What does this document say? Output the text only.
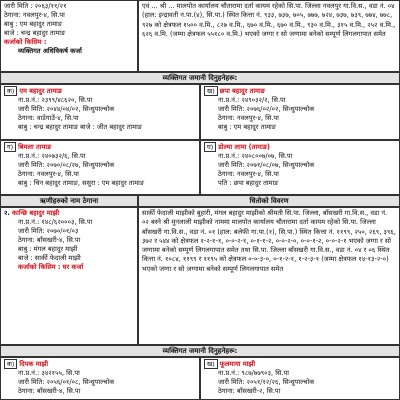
जारी मिति : २०६३/११/२१
ठेगाना: नवलपुर-४, सि.पा
बाबु : एम बहादुर तामाङ
बाजे : चन्द्र बहादुर तामाङ
कर्जाको किसिम :
व्यक्तिगत अधिविकर्ष कर्जा
एवं ... श्री ... मालपोत कार्यालय चौतारामा दर्ता कायम रहेको सि.पा. जिल्ला नवलपुर गा.वि.स., वडा नं. ०४ (हाल: इन्द्रावती न.पा.(४), सि.पा.) स्थित कित्ता नं. ९३३, ७३७, ७०५, ७७७, ७२४, ७३७, ७३९, ७७४, ७७८, ९२७ को क्षेत्रफल १५०० व.मि., ८२७ व.मि., ६७० व.मि., ६७० व.मि., ९३० व.मि., ३१५ व.मि., २५२ व.मि., ६२६ व.मि. (जम्मा क्षेत्रफल ५५१८० व.मि.) भएको जग्गा र सो जग्गामा बनेको सम्पूर्ण लिगलगापात समेत
व्यक्तिगत जमानी दिनुहनेहरू:
क) एम बहादुर तामाङ
ना.प्र.नं.: २३९९/४८६२०, सि.पा
जारी मिति: २०४४/०४/०२, सिन्धुपाल्चोक
ठेगाना: वाडेगाउँ-४, सि.पा
बाबु : चन्द्र बहादुर तामाङ बाजे : जीत बहादुर तामाङ
ख) छपा बहादुर तामाङ
ना.प्र.नं.: २४९०३२/२, सि.पा
जारी मिति: २०७६/०२/०२, सिन्धुपाल्चोक
ठेगाना: नवलपुर-४, सि.पा
बाबु : एम बहादुर तामाङ
ग) बिमला तामाङ
ना.प्र.नं.: २४०७३२/६, सि.पा
जारी मिति: २०७०/०८/२७, सिन्धुपाल्चोक
ठेगाना: नवलपुर-४, सि.पा
बाबु : चिन बहादुर तामाङ, ससुरा : एम बहादुर तामाङ
घ) डोल्मा लामा (तामाङ)
ना.प्र.नं.: २४०८००७/०७, सि.पा
जारी मिति: २०७१/०८/०७, सिन्धुपाल्चोक
ठेगाना: नवलपुर-४, सि.पा
पति : छपा बहादुर तामाङ
ऋणीहरुको नाम ठेगाना	धितोको विवरण
२. कान्छि बहादुर माझी
ना.प्र.नं.: १४८/६२०००३, सि.पा
जारी मिति: २०७०/०१/०३
ठेगाना: बाँसखरी-४, सि.पा
बाबु : मंगल बहादुर माझी
बाजे : सार्की फेदाली माझी
कर्जाको किसिम : घर कर्जा
सार्की फेदाली माझीको बुहारी, मंगल बहादुर माझीको श्रीमती सि.पा. जिल्ला, बाँसखरी गा.वि.स., वडा नं. ०२ बस्ने श्री मुनलाली माझीको नाममा मालपोत कार्यालय चौतारामा दर्ता कायम रहेको सि.पा. जिल्ला बाँसखरी गा.वि.स., वडा नं. ०१ (हाल: बलेफी गा.पा.(१), सि.पा.) स्थित कित्ता नं. ११९९, २५०, २६९, ३९६, ३७२ र ५४४ को क्षेत्रफल १-२-१-१, ०-०-२-१, ०-१-१-२, ०-०-२-०, ०-०-१-२, ०-०-२-१ भएको जग्गा र सो जग्गामा बनेको सम्पूर्ण लिगलगापात समेत तथा सि.पा. जिल्ला बाँसखरी गा.वि.स., वडा नं. ०४ र ०६ स्थित कित्ता नं. १०८४, ११९९ र ११९५ को क्षेत्रफल ०-०-३-०, ०-१-२-१, १-२-३-१ (जम्मा क्षेत्रफल १४-१३-२-०) भएको जग्गा र सो जग्गामा बनेको सम्पूर्ण लिगलगापात समेत
व्यक्तिगत जमानी दिनुहनेहरू:
क) दिपक माझी
ना.प्र.नं.: ३४२१५५, सि.पा
जारी मिति: २०५६/०१/०८, सिन्धुपाल्चोक
ठेगाना: बाँसखरी-४, सि.पा
ख) फूलमाया माझी
ना.प्र.नं.: ९८७/७७९०३, सि.पा
जारी मिति: २०५१/१२/२६, सिन्धुपाल्चोक
ठेगाना: बाँसखरी-२, सि.पा
